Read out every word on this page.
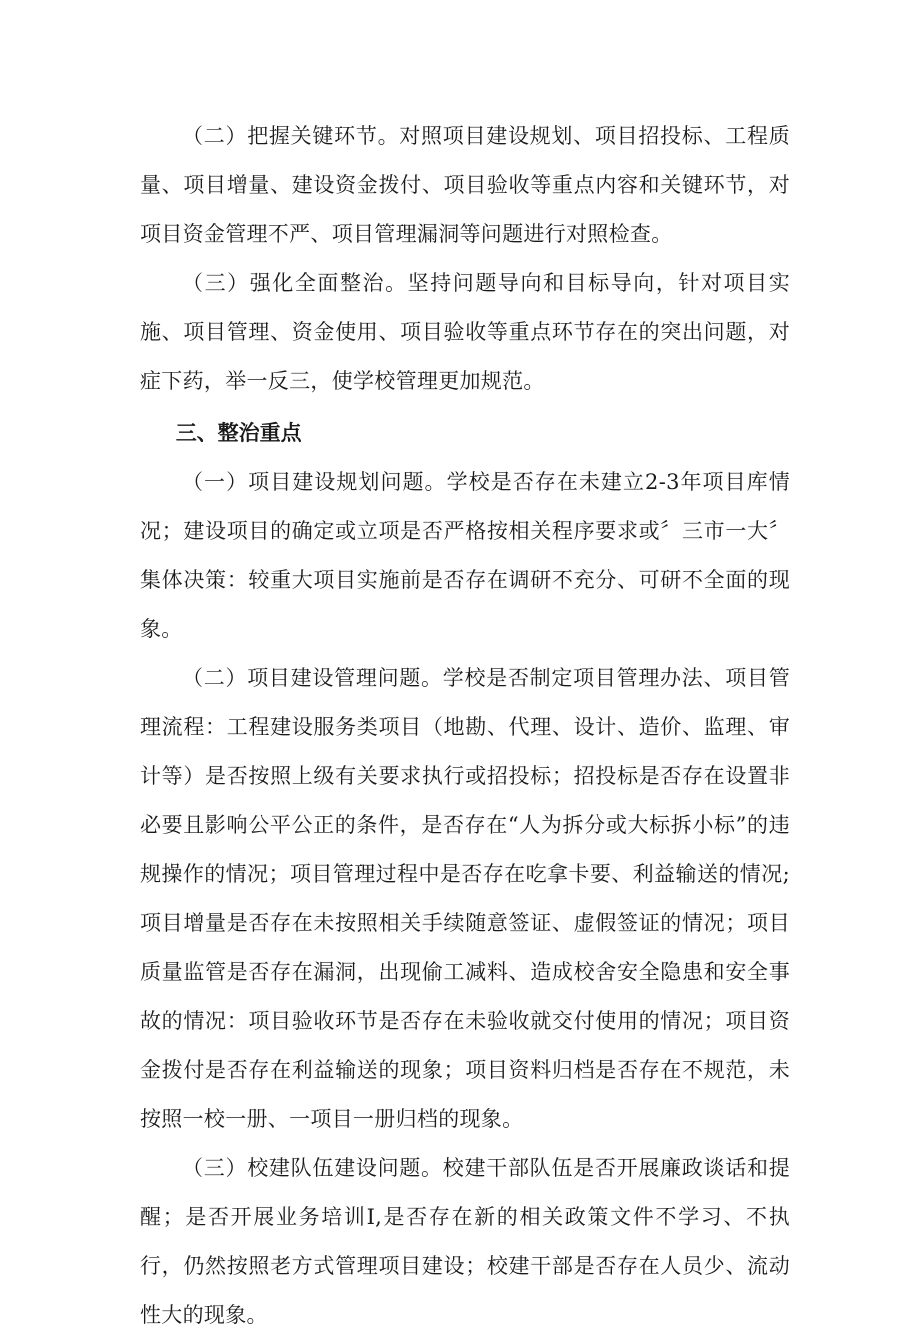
（二）把握关键环节。对照项目建设规划、项目招投标、工程质量、项目增量、建设资金拨付、项目验收等重点内容和关键环节，对项目资金管理不严、项目管理漏洞等问题进行对照检查。

（三）强化全面整治。坚持问题导向和目标导向，针对项目实施、项目管理、资金使用、项目验收等重点环节存在的突出问题，对症下药，举一反三，使学校管理更加规范。

三、整治重点

（一）项目建设规划问题。学校是否存在未建立2-3年项目库情况；建设项目的确定或立项是否严格按相关程序要求或〞三市一大〞集体决策：较重大项目实施前是否存在调研不充分、可研不全面的现象。

（二）项目建设管理问题。学校是否制定项目管理办法、项目管理流程：工程建设服务类项目（地勘、代理、设计、造价、监理、审计等）是否按照上级有关要求执行或招投标；招投标是否存在设置非必要且影响公平公正的条件，是否存在“人为拆分或大标拆小标”的违规操作的情况；项目管理过程中是否存在吃拿卡要、利益输送的情况;项目增量是否存在未按照相关手续随意签证、虚假签证的情况；项目质量监管是否存在漏洞，出现偷工减料、造成校舍安全隐患和安全事故的情况：项目验收环节是否存在未验收就交付使用的情况；项目资金拨付是否存在利益输送的现象；项目资料归档是否存在不规范，未按照一校一册、一项目一册归档的现象。

（三）校建队伍建设问题。校建干部队伍是否开展廉政谈话和提醒；是否开展业务培训I,是否存在新的相关政策文件不学习、不执行，仍然按照老方式管理项目建设；校建干部是否存在人员少、流动性大的现象。
